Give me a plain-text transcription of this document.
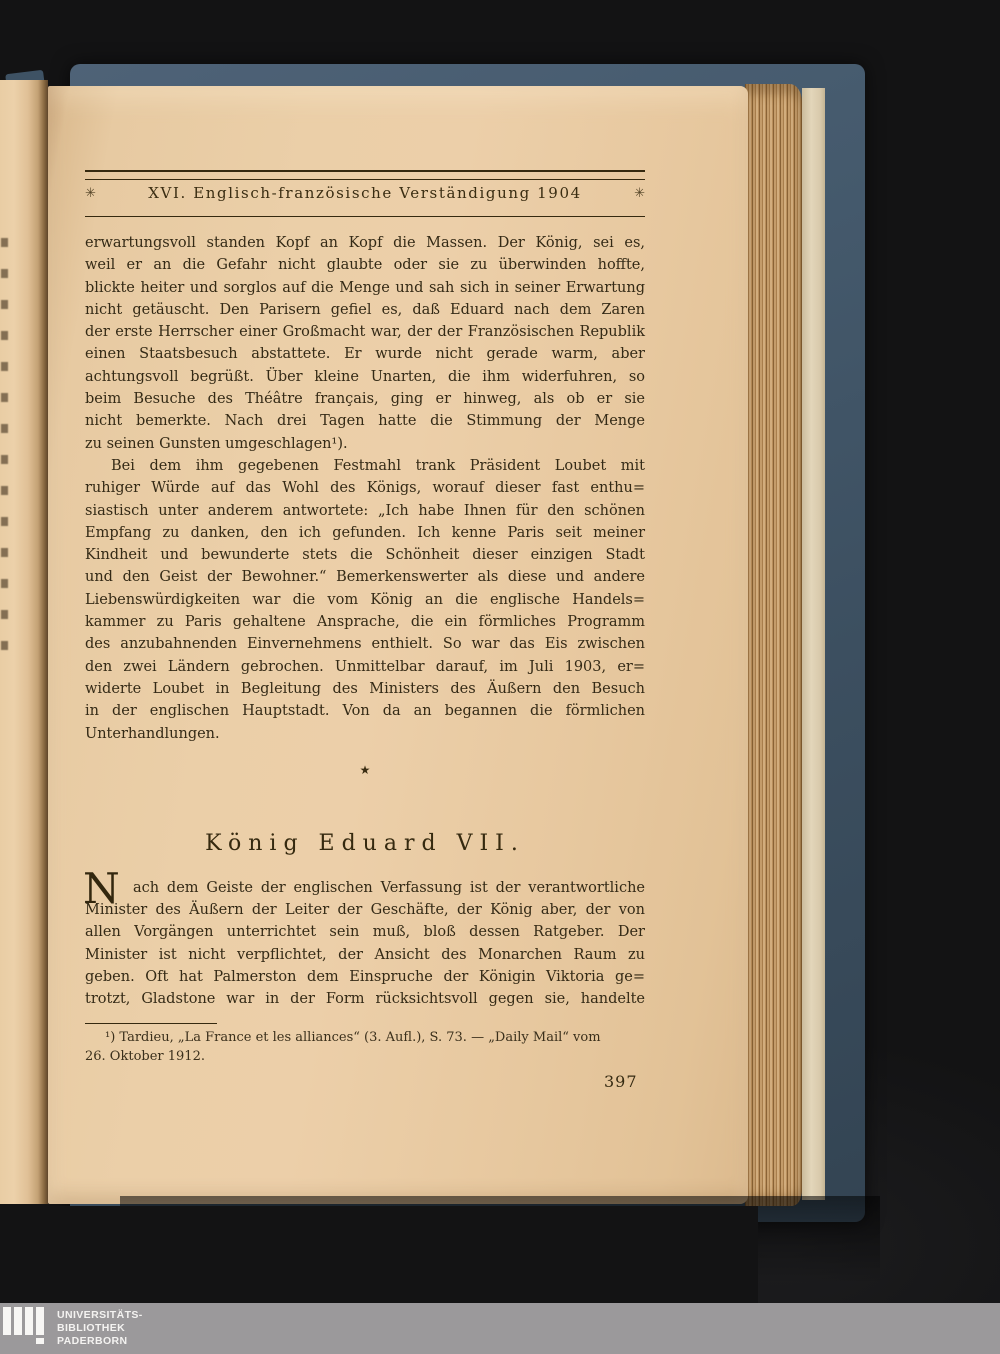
✳	XVI. Englisch-französische Verständigung 1904	✳
erwartungsvoll standen Kopf an Kopf die Massen. Der König, sei es,
weil er an die Gefahr nicht glaubte oder sie zu überwinden hoffte,
blickte heiter und sorglos auf die Menge und sah sich in seiner Erwartung
nicht getäuscht. Den Parisern gefiel es, daß Eduard nach dem Zaren
der erste Herrscher einer Großmacht war, der der Französischen Republik
einen Staatsbesuch abstattete. Er wurde nicht gerade warm, aber
achtungsvoll begrüßt. Über kleine Unarten, die ihm widerfuhren, so
beim Besuche des Théâtre français, ging er hinweg, als ob er sie
nicht bemerkte. Nach drei Tagen hatte die Stimmung der Menge
zu seinen Gunsten umgeschlagen¹).
Bei dem ihm gegebenen Festmahl trank Präsident Loubet mit
ruhiger Würde auf das Wohl des Königs, worauf dieser fast enthu=
siastisch unter anderem antwortete: „Ich habe Ihnen für den schönen
Empfang zu danken, den ich gefunden. Ich kenne Paris seit meiner
Kindheit und bewunderte stets die Schönheit dieser einzigen Stadt
und den Geist der Bewohner.“ Bemerkenswerter als diese und andere
Liebenswürdigkeiten war die vom König an die englische Handels=
kammer zu Paris gehaltene Ansprache, die ein förmliches Programm
des anzubahnenden Einvernehmens enthielt. So war das Eis zwischen
den zwei Ländern gebrochen. Unmittelbar darauf, im Juli 1903, er=
widerte Loubet in Begleitung des Ministers des Äußern den Besuch
in der englischen Hauptstadt. Von da an begannen die förmlichen
Unterhandlungen.
★
König Eduard VII.
N ach dem Geiste der englischen Verfassung ist der verantwortliche
Minister des Äußern der Leiter der Geschäfte, der König aber, der von
allen Vorgängen unterrichtet sein muß, bloß dessen Ratgeber. Der
Minister ist nicht verpflichtet, der Ansicht des Monarchen Raum zu
geben. Oft hat Palmerston dem Einspruche der Königin Viktoria ge=
trotzt, Gladstone war in der Form rücksichtsvoll gegen sie, handelte
¹) Tardieu, „La France et les alliances“ (3. Aufl.), S. 73. — „Daily Mail“ vom
26. Oktober 1912.
397
UNIVERSITÄTS-
BIBLIOTHEK
PADERBORN
